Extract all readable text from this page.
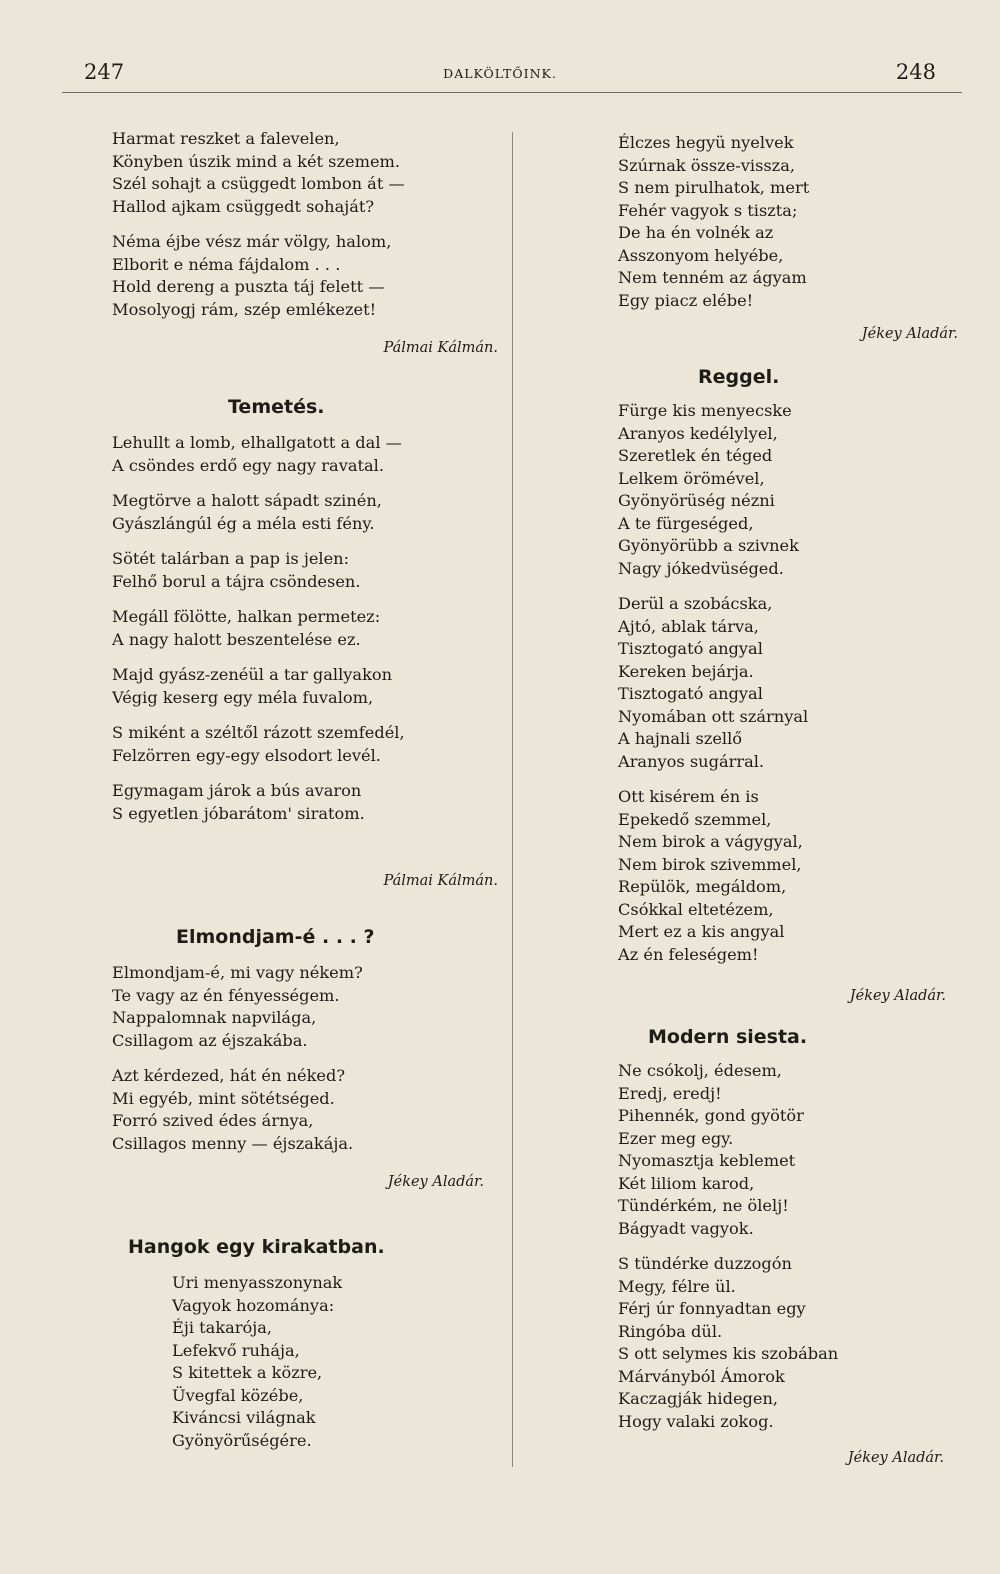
247	DALKÖLTŐINK.	248
Harmat reszket a falevelen,
Könyben úszik mind a két szemem.
Szél sohajt a csüggedt lombon át —
Hallod ajkam csüggedt sohaját?
Néma éjbe vész már völgy, halom,
Elborit e néma fájdalom . . .
Hold dereng a puszta táj felett —
Mosolyogj rám, szép emlékezet!
Pálmai Kálmán.
Temetés.
Lehullt a lomb, elhallgatott a dal —
A csöndes erdő egy nagy ravatal.
Megtörve a halott sápadt szinén,
Gyászlángúl ég a méla esti fény.
Sötét talárban a pap is jelen:
Felhő borul a tájra csöndesen.
Megáll fölötte, halkan permetez:
A nagy halott beszentelése ez.
Majd gyász-zenéül a tar gallyakon
Végig keserg egy méla fuvalom,
S miként a széltől rázott szemfedél,
Felzörren egy-egy elsodort levél.
Egymagam járok a bús avaron
S egyetlen jóbarátom' siratom.
Pálmai Kálmán.
Elmondjam-é . . . ?
Elmondjam-é, mi vagy nékem?
Te vagy az én fényességem.
Nappalomnak napvilága,
Csillagom az éjszakába.
Azt kérdezed, hát én néked?
Mi egyéb, mint sötétséged.
Forró szived édes árnya,
Csillagos menny — éjszakája.
Jékey Aladár.
Hangok egy kirakatban.
Uri menyasszonynak
Vagyok hozománya:
Éji takarója,
Lefekvő ruhája,
S kitettek a közre,
Üvegfal közébe,
Kiváncsi világnak
Gyönyörűségére.
Élczes hegyü nyelvek
Szúrnak össze-vissza,
S nem pirulhatok, mert
Fehér vagyok s tiszta;
De ha én volnék az
Asszonyom helyébe,
Nem tenném az ágyam
Egy piacz elébe!
Jékey Aladár.
Reggel.
Fürge kis menyecske
Aranyos kedélylyel,
Szeretlek én téged
Lelkem örömével,
Gyönyörüség nézni
A te fürgeséged,
Gyönyörübb a szivnek
Nagy jókedvüséged.
Derül a szobácska,
Ajtó, ablak tárva,
Tisztogató angyal
Kereken bejárja.
Tisztogató angyal
Nyomában ott szárnyal
A hajnali szellő
Aranyos sugárral.
Ott kisérem én is
Epekedő szemmel,
Nem birok a vágygyal,
Nem birok szivemmel,
Repülök, megáldom,
Csókkal eltetézem,
Mert ez a kis angyal
Az én feleségem!
Jékey Aladár.
Modern siesta.
Ne csókolj, édesem,
Eredj, eredj!
Pihennék, gond gyötör
Ezer meg egy.
Nyomasztja keblemet
Két liliom karod,
Tündérkém, ne ölelj!
Bágyadt vagyok.
S tündérke duzzogón
Megy, félre ül.
Férj úr fonnyadtan egy
Ringóba dül.
S ott selymes kis szobában
Márványból Ámorok
Kaczagják hidegen,
Hogy valaki zokog.
Jékey Aladár.
